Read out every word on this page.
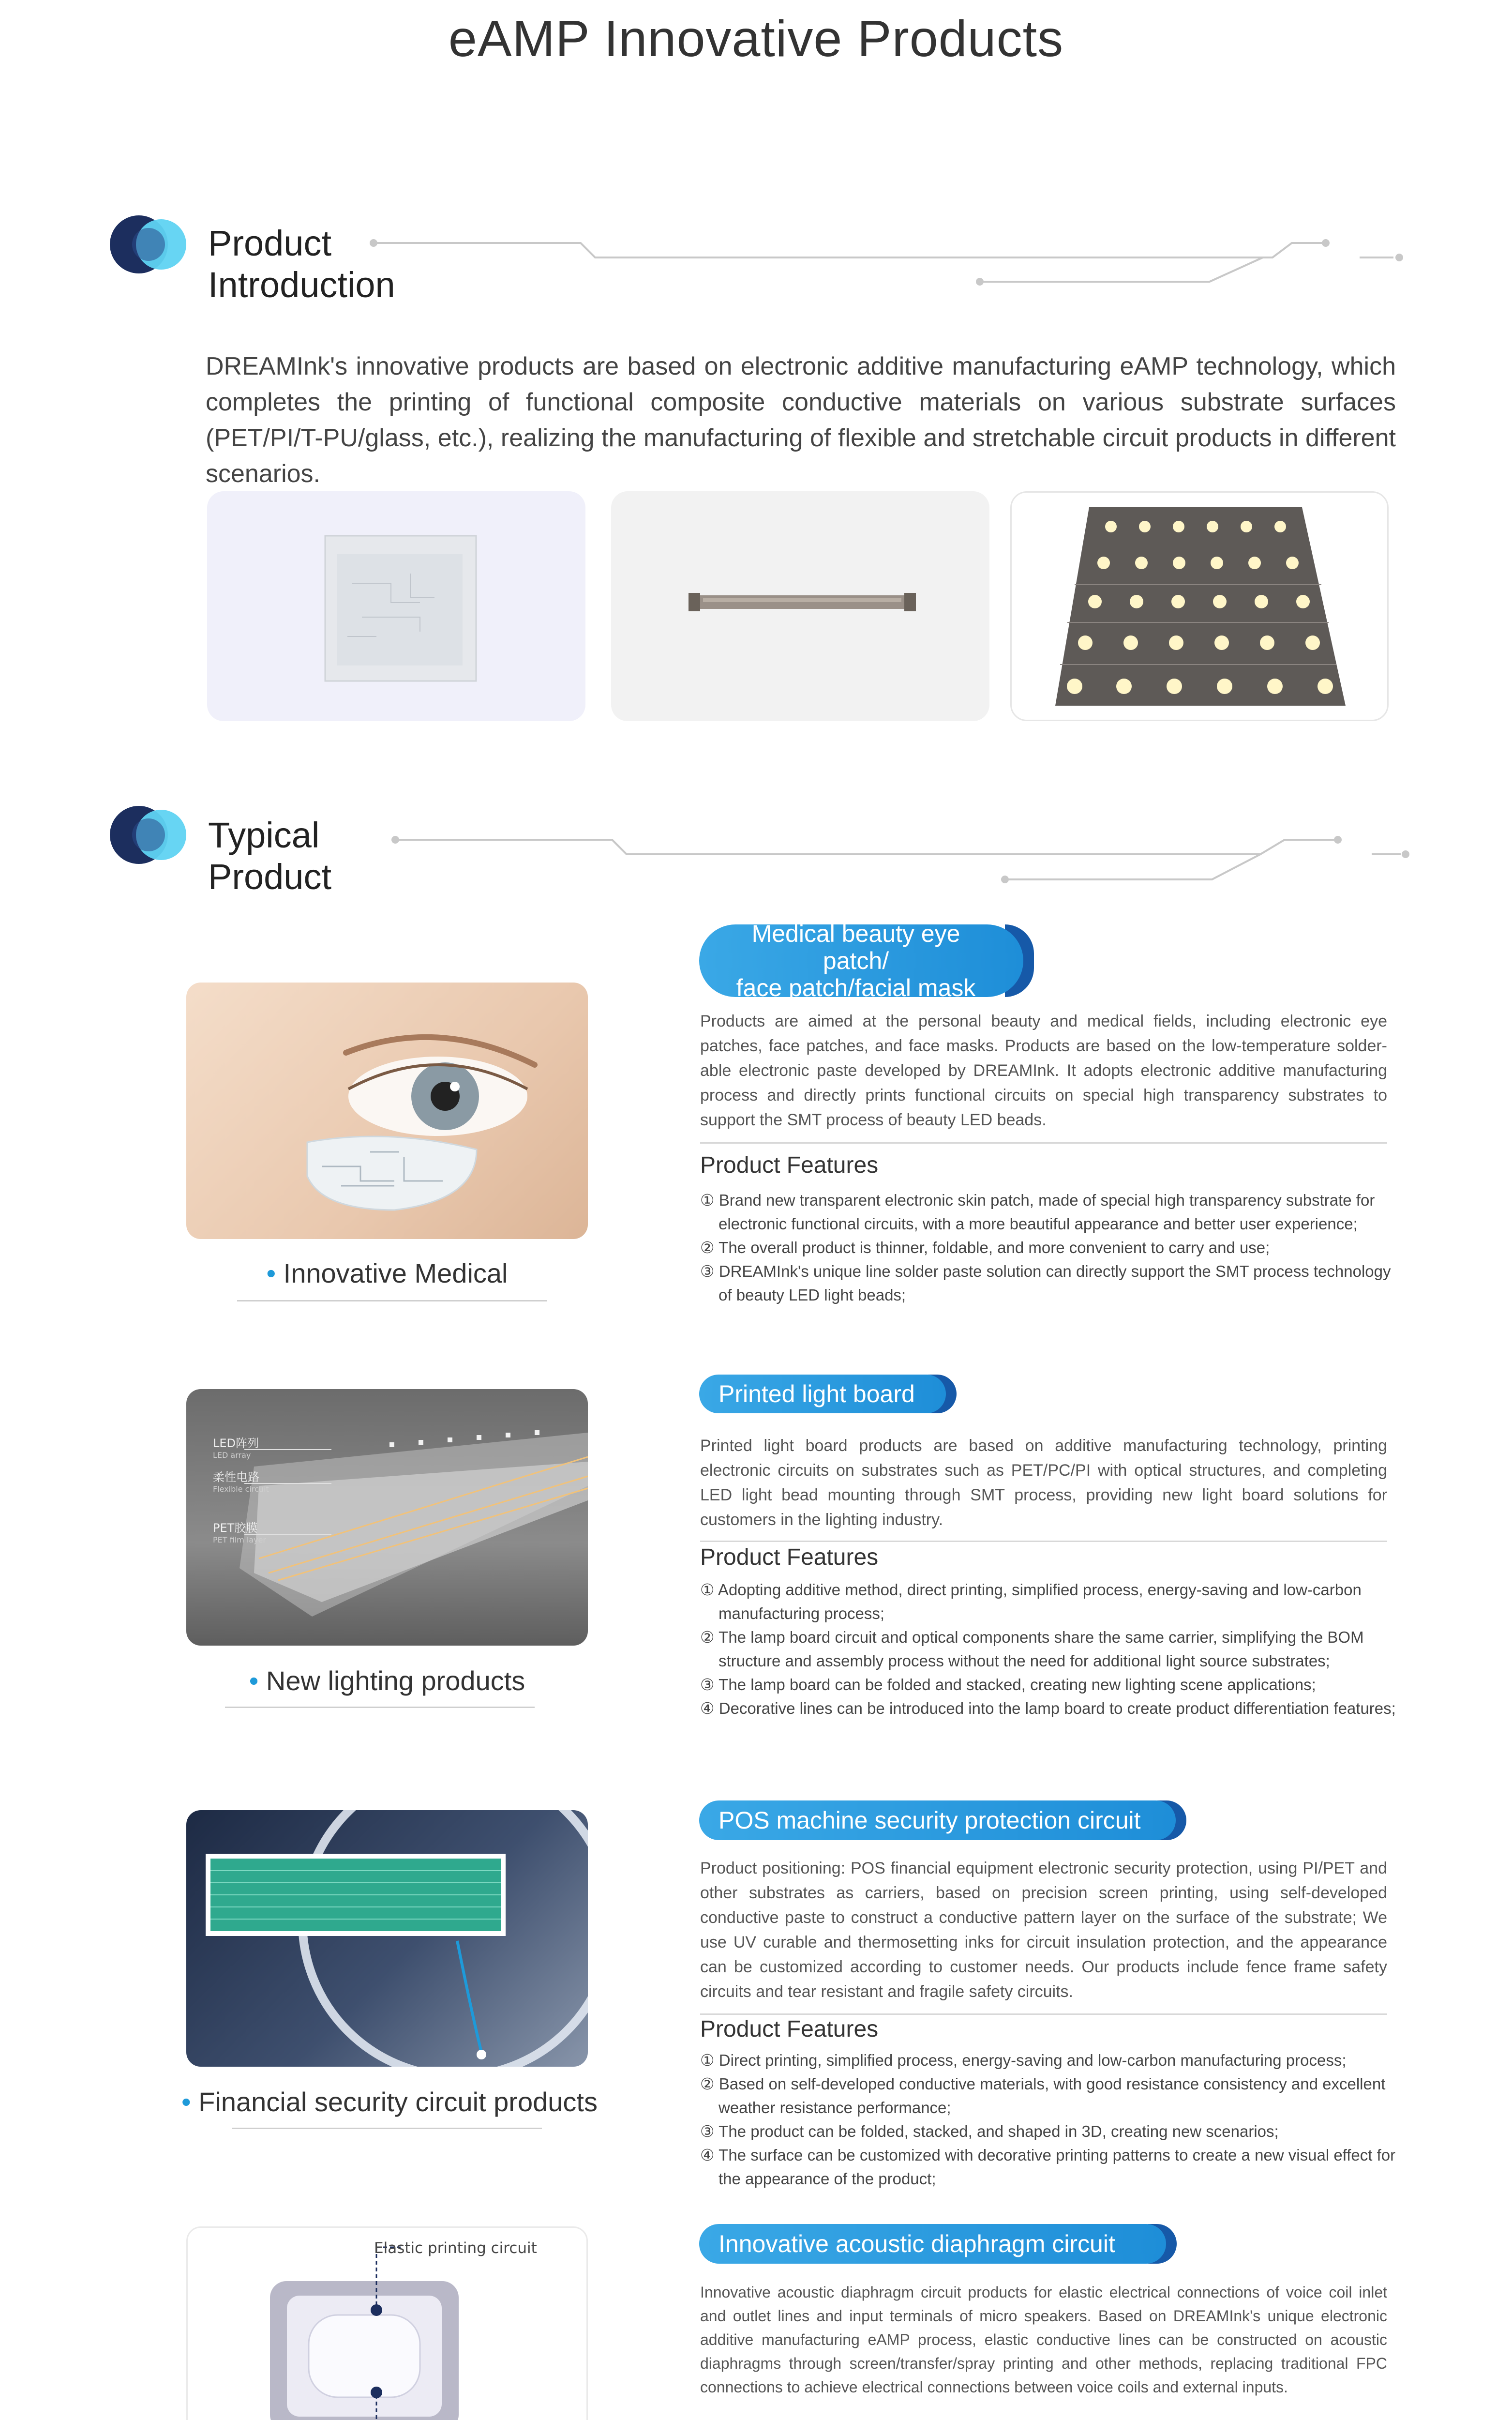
eAMP Innovative Products
Product
Introduction
DREAMInk's innovative products are based on electronic additive manufacturing eAMP technology, which completes the printing of functional composite conductive materials on various substrate surfaces (PET/PI/T-PU/glass, etc.), realizing the manufacturing of flexible and stretchable circuit products in different scenarios.
Typical
Product
• Innovative Medical
Medical beauty eye patch/
face patch/facial mask
Products are aimed at the personal beauty and medical fields, including electronic eye patches, face patches, and face masks. Products are based on the low-temperature solder-able electronic paste developed by DREAMInk. It adopts electronic additive manufacturing process and directly prints functional circuits on special high transparency substrates to support the SMT process of beauty LED beads.
Product Features
① Brand new transparent electronic skin patch, made of special high transparency substrate for electronic functional circuits, with a more beautiful appearance and better user experience;
② The overall product is thinner, foldable, and more convenient to carry and use;
③ DREAMInk's unique line solder paste solution can directly support the SMT process technology of beauty LED light beads;
LED阵列
LED array
柔性电路
Flexible circuit
PET胶膜
PET film layer
• New lighting products
Printed light board
Printed light board products are based on additive manufacturing technology, printing electronic circuits on substrates such as PET/PC/PI with optical structures, and completing LED light bead mounting through SMT process, providing new light board solutions for customers in the lighting industry.
Product Features
① Adopting additive method, direct printing, simplified process, energy-saving and low-carbon manufacturing process;
② The lamp board circuit and optical components share the same carrier, simplifying the BOM structure and assembly process without the need for additional light source substrates;
③ The lamp board can be folded and stacked, creating new lighting scene applications;
④ Decorative lines can be introduced into the lamp board to create product differentiation features;
• Financial security circuit products
POS machine security protection circuit
Product positioning: POS financial equipment electronic security protection, using PI/PET and other substrates as carriers, based on precision screen printing, using self-developed conductive paste to construct a conductive pattern layer on the surface of the substrate; We use UV curable and thermosetting inks for circuit insulation protection, and the appearance can be customized according to customer needs. Our products include fence frame safety circuits and tear resistant and fragile safety circuits.
Product Features
① Direct printing, simplified process, energy-saving and low-carbon manufacturing process;
② Based on self-developed conductive materials, with good resistance consistency and excellent weather resistance performance;
③ The product can be folded, stacked, and shaped in 3D, creating new scenarios;
④ The surface can be customized with decorative printing patterns to create a new visual effect for the appearance of the product;
Elastic printing circuit	Innovative acoustic diaphragm circuit
Innovative acoustic diaphragm circuit products for elastic electrical connections of voice coil inlet and outlet lines and input terminals of micro speakers. Based on DREAMInk's unique electronic additive manufacturing eAMP process, elastic conductive lines can be constructed on acoustic diaphragms through screen/transfer/spray printing and other methods, replacing traditional FPC connections to achieve electrical connections between voice coils and external inputs.
